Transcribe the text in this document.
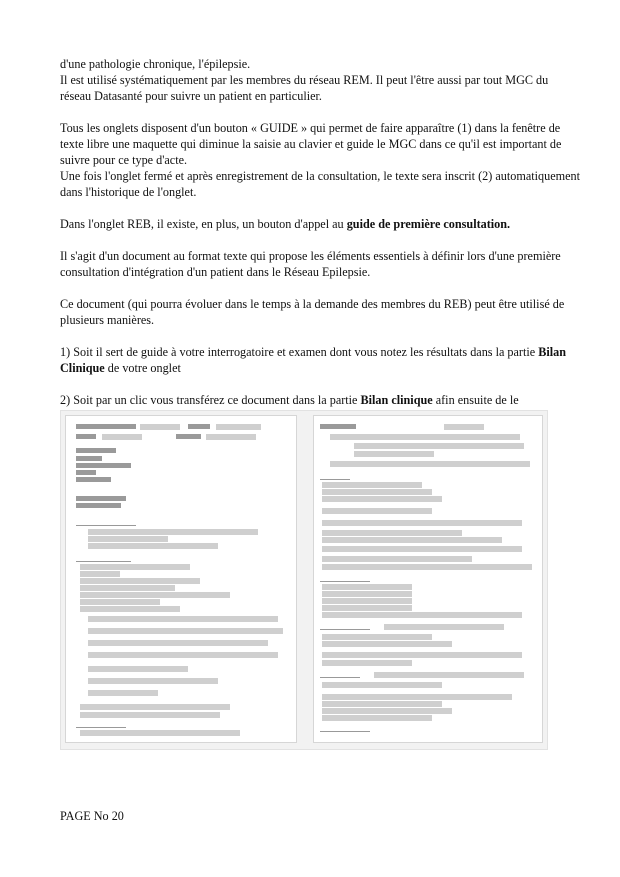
d'une pathologie chronique, l'épilepsie.

Il est utilisé systématiquement par les membres du réseau REM. Il peut l'être aussi par tout MGC du réseau Datasanté pour suivre un patient en particulier.

Tous les onglets disposent d'un bouton « GUIDE » qui permet de faire apparaître (1) dans la fenêtre de texte libre une maquette qui diminue la saisie au clavier et guide le MGC dans ce qu'il est important de suivre pour ce type d'acte.

Une fois l'onglet fermé et après enregistrement de la consultation, le texte sera inscrit (2) automatiquement dans l'historique de l'onglet.

Dans l'onglet REB, il existe, en plus, un bouton d'appel au guide de première consultation.

Il s'agit d'un document au format texte qui propose les éléments essentiels à définir lors d'une première consultation d'intégration d'un patient dans le Réseau Epilepsie.

Ce document (qui pourra évoluer dans le temps à la demande des membres du REB) peut être utilisé de plusieurs manières.

1) Soit il sert de guide à votre interrogatoire et examen dont vous notez les résultats dans la partie Bilan Clinique de votre onglet

2) Soit par un clic vous transférez ce document dans la partie Bilan clinique afin ensuite de le

PAGE No 20
